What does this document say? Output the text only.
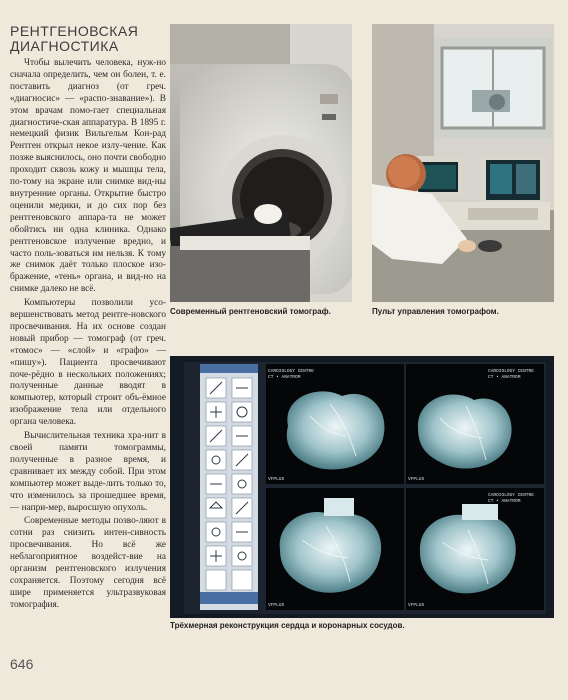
РЕНТГЕНОВСКАЯ
ДИАГНОСТИКА

Чтобы вылечить человека, нуж-но сначала определить, чем он болен, т. е. поставить диагноз (от греч. «диагносис» — «распо-знавание»). В этом врачам помо-гает специальная диагностиче-ская аппаратура. В 1895 г. немецкий физик Вильгельм Кон-рад Рентген открыл некое излу-чение. Как позже выяснилось, оно почти свободно проходит сквозь кожу и мышцы тела, по-тому на экране или снимке вид-ны внутренние органы. Открытие быстро оценили медики, и до сих пор без рентгеновского аппара-та не может обойтись ни одна клиника. Однако рентгеновское излучение вредно, и часто поль-зоваться им нельзя. К тому же снимок даёт только плоское изо-бражение, «тень» органа, и вид-но на снимке далеко не всё.

Компьютеры позволили усо-вершенствовать метод рентге-новского просвечивания. На их основе создан новый прибор — томограф (от греч. «томос» — «слой» и «графо» — «пишу»). Пациента просвечивают поче-рёдно в нескольких положениях; полученные данные вводят в компьютер, который строит объ-ёмное изображение тела или отдельного органа человека.

Вычислительная техника хра-нит в своей памяти томограммы, полученные в разное время, и сравнивает их между собой. При этом компьютер может выде-лить только то, что изменилось за прошедшее время, — напри-мер, выросшую опухоль.

Современные методы позво-ляют в сотни раз снизить интен-сивность просвечивания. Но всё же неблагоприятное воздейст-вие на организм рентгеновского излучения сохраняется. Поэтому сегодня всё шире применяется ультразвуковая томография.

Современный рентгеновский томограф.	Пульт управления томографом.
CARDIOLOGY CENTRE
CT • ANATROM
CARDIOLOGY CENTRE
CT • ANATROM
VFPLUS	VFPLUS
CARDIOLOGY CENTRE
CT • ANATROM
VFPLUS	VFPLUS
Трёхмерная реконструкция сердца и коронарных сосудов.
646
